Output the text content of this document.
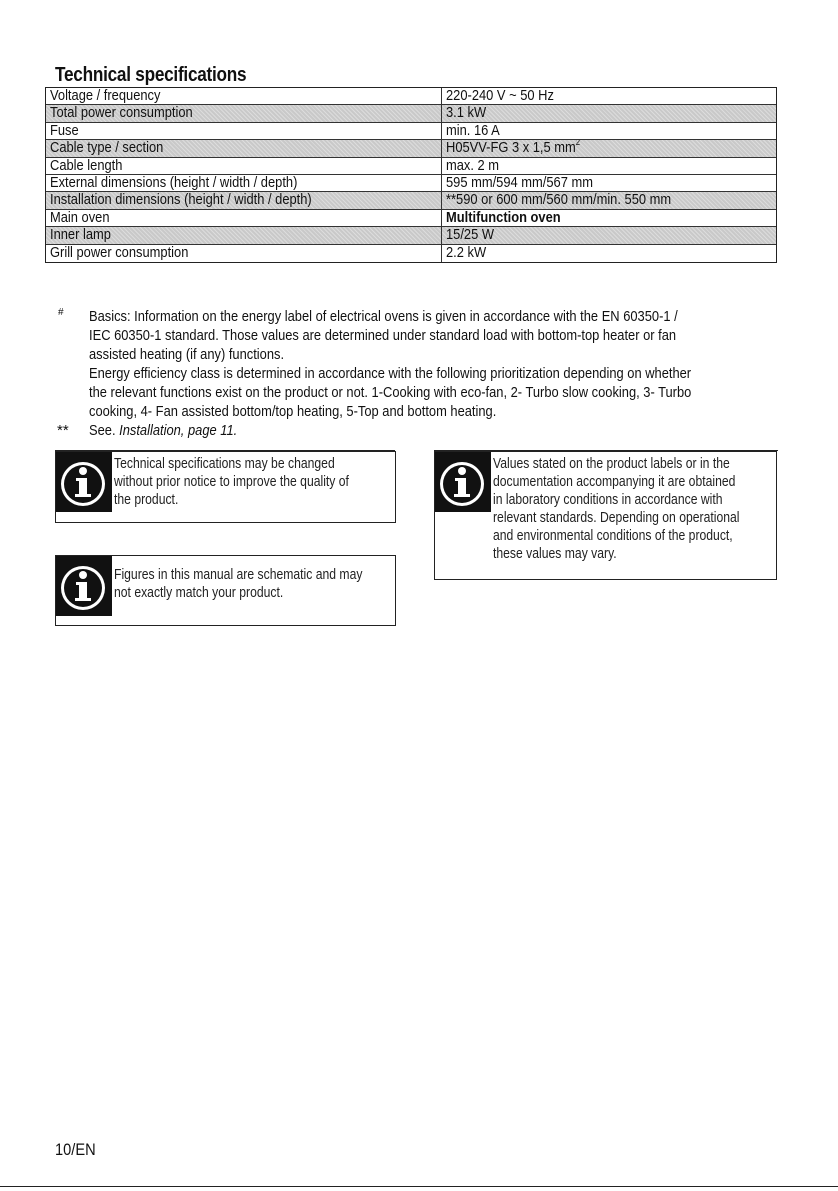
Technical specifications
Voltage / frequency	220-240 V ~ 50 Hz
Total power consumption	3.1 kW
Fuse	min. 16 A
Cable type / section	H05VV-FG 3 x 1,5 $mm^2$
Cable length	max. 2 m
External dimensions (height / width / depth)	595 mm/594 mm/567 mm
Installation dimensions (height / width / depth)	**590 or 600 mm/560 mm/min. 550 mm
Main oven	Multifunction oven
Inner lamp	15/25 W
Grill power consumption	2.2 kW
# Basics: Information on the energy label of electrical ovens is given in accordance with the EN 60350-1 /
IEC 60350-1 standard. Those values are determined under standard load with bottom-top heater or fan
assisted heating (if any) functions.
Energy efficiency class is determined in accordance with the following prioritization depending on whether
the relevant functions exist on the product or not. 1-Cooking with eco-fan, 2- Turbo slow cooking, 3- Turbo
cooking, 4- Fan assisted bottom/top heating, 5-Top and bottom heating.
** See. Installation, page 11.
Technical specifications may be changed
without prior notice to improve the quality of
the product.
Figures in this manual are schematic and may
not exactly match your product.
Values stated on the product labels or in the
documentation accompanying it are obtained
in laboratory conditions in accordance with
relevant standards. Depending on operational
and environmental conditions of the product,
these values may vary.
10/EN
